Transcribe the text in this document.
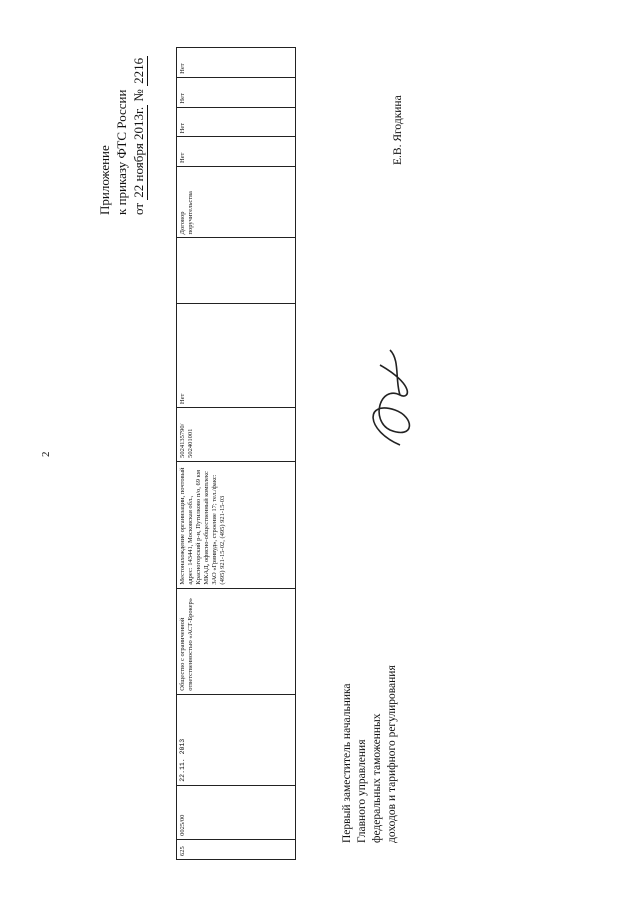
2
Приложение к приказу ФТС России от 22 ноября 2013г. № 2216
625	0025/00	22.11. 2013	Общество с ограниченной ответственностью «АСТ-Брокер»	Местонахождение организации, почтовый адрес: 143441, Московская обл., Красногорский р-н, Путилково п/о, 69 км МКАД, офисно-общественный комплекс ЗАО «Гринвуд», строение 17; тел./факс: (495) 921-15-02, (495) 921-15-03	5024135790/ 502401001	Нет		Договор поручительства	Нет	Нет	Нет	Нет
Первый заместитель начальника Главного управления федеральных таможенных доходов и тарифного регулирования
Е.В. Ягодкина
